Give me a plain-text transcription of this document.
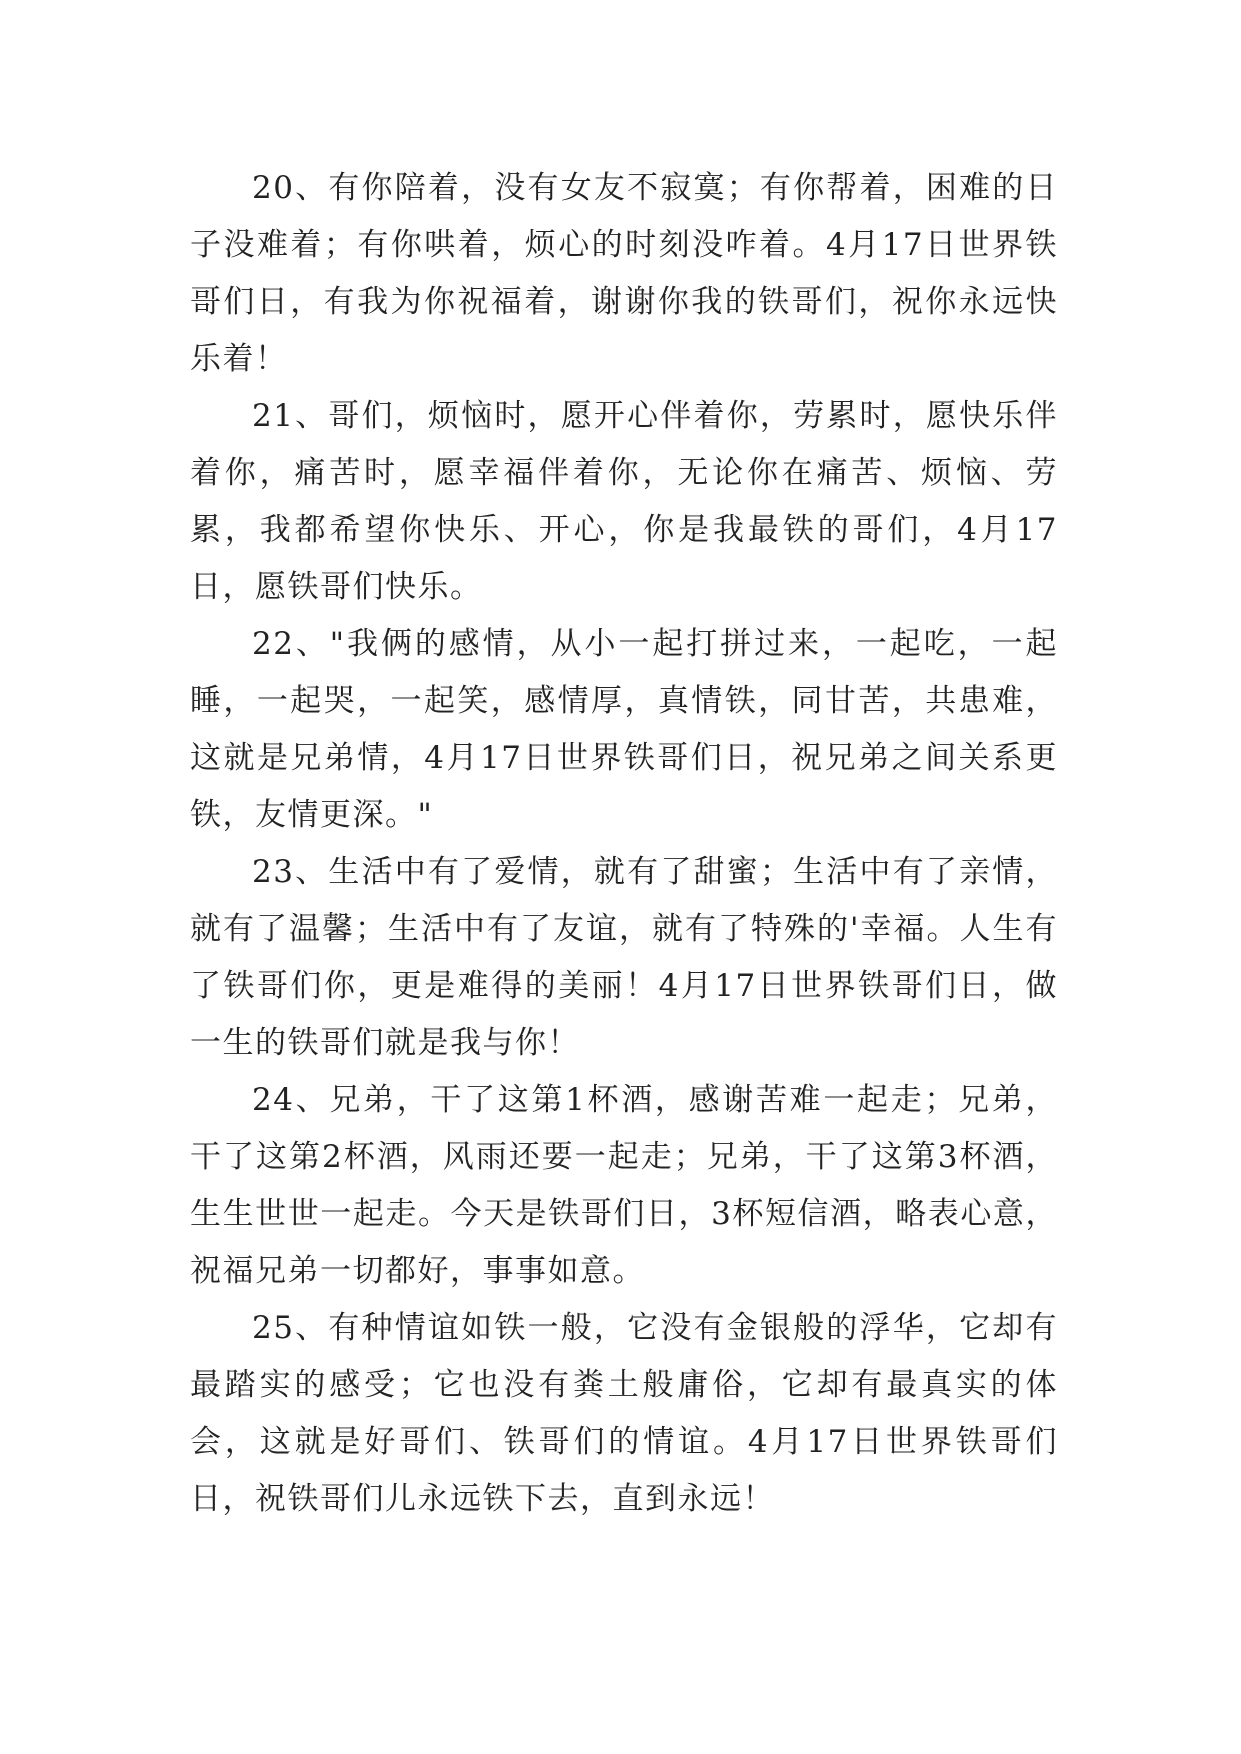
20、有你陪着，没有女友不寂寞；有你帮着，困难的日子没难着；有你哄着，烦心的时刻没咋着。4月17日世界铁哥们日，有我为你祝福着，谢谢你我的铁哥们，祝你永远快乐着！

21、哥们，烦恼时，愿开心伴着你，劳累时，愿快乐伴着你，痛苦时，愿幸福伴着你，无论你在痛苦、烦恼、劳累，我都希望你快乐、开心，你是我最铁的哥们，4月17日，愿铁哥们快乐。

22、"我俩的感情，从小一起打拼过来，一起吃，一起睡，一起哭，一起笑，感情厚，真情铁，同甘苦，共患难，这就是兄弟情，4月17日世界铁哥们日，祝兄弟之间关系更铁，友情更深。"

23、生活中有了爱情，就有了甜蜜；生活中有了亲情，就有了温馨；生活中有了友谊，就有了特殊的'幸福。人生有了铁哥们你，更是难得的美丽！4月17日世界铁哥们日，做一生的铁哥们就是我与你！

24、兄弟，干了这第1杯酒，感谢苦难一起走；兄弟，干了这第2杯酒，风雨还要一起走；兄弟，干了这第3杯酒，生生世世一起走。今天是铁哥们日，3杯短信酒，略表心意，祝福兄弟一切都好，事事如意。

25、有种情谊如铁一般，它没有金银般的浮华，它却有最踏实的感受；它也没有粪土般庸俗，它却有最真实的体会，这就是好哥们、铁哥们的情谊。4月17日世界铁哥们日，祝铁哥们儿永远铁下去，直到永远！
